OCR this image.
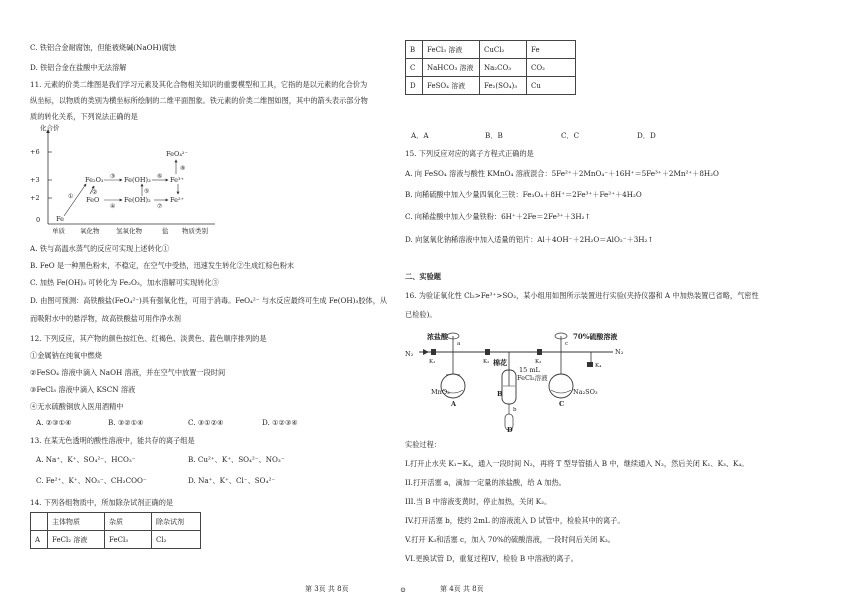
C. 铁铝合金耐腐蚀，但能被烧碱(NaOH)腐蚀
D. 铁铝合金在盐酸中无法溶解
11. 元素的价类二维图是我们学习元素及其化合物相关知识的重要模型和工具，它指的是以元素的化合价为
纵坐标，以物质的类别为横坐标所绘制的二维平面图象。铁元素的价类二维图如图，其中的箭头表示部分物
质的转化关系，下列说法正确的是
化合价
+6
+3
+2
0
单质 氧化物	氢氧化物	盐 物质类别
Fe
Fe₂O₃
FeO
Fe(OH)₃
Fe(OH)₂
FeO₄²⁻
Fe³⁺
Fe²⁺
①
②
③
④
⑤
⑥
⑦
⑧
A. 铁与高温水蒸气的反应可实现上述转化①
B. FeO 是一种黑色粉末，不稳定，在空气中受热，迅速发生转化②生成红棕色粉末
C. 加热 Fe(OH)₃ 可转化为 Fe₂O₃，加水溶解可实现转化③
D. 由图可预测：高铁酸盐(FeO₄²⁻)具有强氧化性，可用于消毒。FeO₄²⁻ 与水反应最终可生成 Fe(OH)₃胶体，从
而吸附水中的悬浮物，故高铁酸盐可用作净水剂
12. 下列反应，其产物的颜色按红色、红褐色、淡黄色、蓝色顺序排列的是
①金属钠在纯氧中燃烧
②FeSO₄ 溶液中滴入 NaOH 溶液，并在空气中放置一段时间
③FeCl₃ 溶液中滴入 KSCN 溶液
④无水硫酸铜放入医用酒精中
A. ②③①④	B. ③②①④	C. ③①②④	D. ①②③④
13. 在某无色透明的酸性溶液中，能共存的离子组是
A. Na⁺、K⁺、SO₄²⁻、HCO₃⁻	B. Cu²⁺、K⁺、SO₄²⁻、NO₃⁻
C. Fe²⁺、K⁺、NO₃⁻、CH₃COO⁻	D. Na⁺、K⁺、Cl⁻、SO₄²⁻
14. 下列各组物质中，所加除杂试剂正确的是
	主体物质	杂质	除杂试剂
A	FeCl₂ 溶液	FeCl₃	Cl₂
B	FeCl₃ 溶液	CuCl₂	Fe
C	NaHCO₃ 溶液	Na₂CO₃	CO₂
D	FeSO₄ 溶液	Fe₂(SO₄)₃	Cu
A．A	B．B	C．C	D．D
15. 下列反应对应的离子方程式正确的是
A. 向 FeSO₄ 溶液与酸性 KMnO₄ 溶液混合：5Fe²⁺＋2MnO₄⁻＋16H⁺＝5Fe³⁺＋2Mn²⁺＋8H₂O
B. 向稀硫酸中加入少量四氧化三铁：Fe₃O₄＋8H⁺＝2Fe³⁺＋Fe²⁺＋4H₂O
C. 向稀盐酸中加入少量铁粉：6H⁺＋2Fe＝2Fe³⁺＋3H₂↑
D. 向氢氧化钠稀溶液中加入适量的铝片：Al＋4OH⁻＋2H₂O＝AlO₂⁻＋3H₂↑
二、实验题
16. 为验证氧化性 Cl₂>Fe³⁺>SO₂，某小组用如图所示装置进行实验(夹持仪器和 A 中加热装置已省略，气密性
已检验)。
浓盐酸	70%硫酸溶液
N₂	N₂
棉花
15 mL
FeCl₂溶液
MnO₂	Na₂SO₃
A
B
C
D
a
b
c
K₁	K₂	K₃
K₄
实验过程：
I.打开止水夹 K₁~K₄，通入一段时间 N₂，再将 T 型导管插入 B 中，继续通入 N₂，然后关闭 K₁、K₃、K₄。
II.打开活塞 a，滴加一定量的浓盐酸，给 A 加热。
III.当 B 中溶液变黄时，停止加热，关闭 K₂。
IV.打开活塞 b，使约 2mL 的溶液流入 D 试管中，检验其中的离子。
V.打开 K₃和活塞 c，加入 70%的硫酸溶液，一段时间后关闭 K₃。
VI.更换试管 D，重复过程IV，检验 B 中溶液的离子。
第 3页 共 8页	⊙	第 4页 共 8页
